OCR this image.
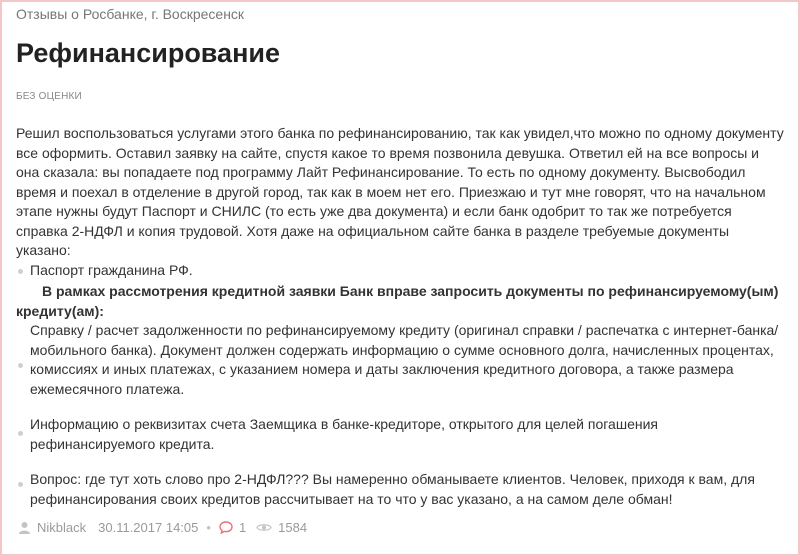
Отзывы о Росбанке, г. Воскресенск
Рефинансирование
БЕЗ ОЦЕНКИ

Решил воспользоваться услугами этого банка по рефинансированию, так как увидел,что можно по одному документу все оформить. Оставил заявку на сайте, спустя какое то время позвонила девушка. Ответил ей на все вопросы и она сказала: вы попадаете под программу Лайт Рефинансирование. То есть по одному документу. Высвободил время и поехал в отделение в другой город, так как в моем нет его. Приезжаю и тут мне говорят, что на начальном этапе нужны будут Паспорт и СНИЛС (то есть уже два документа) и если банк одобрит то так же потребуется справка 2-НДФЛ и копия трудовой. Хотя даже на официальном сайте банка в разделе требуемые документы указано:

Паспорт гражданина РФ.
В рамках рассмотрения кредитной заявки Банк вправе запросить документы по рефинансируемому(ым) кредиту(ам):
Справку / расчет задолженности по рефинансируемому кредиту (оригинал справки / распечатка с интернет-банка/мобильного банка). Документ должен содержать информацию о сумме основного долга, начисленных процентах, комиссиях и иных платежах, с указанием номера и даты заключения кредитного договора, а также размера ежемесячного платежа.
Информацию о реквизитах счета Заемщика в банке-кредиторе, открытого для целей погашения рефинансируемого кредита.
Вопрос: где тут хоть слово про 2-НДФЛ??? Вы намеренно обманываете клиентов. Человек, приходя к вам, для рефинансирования своих кредитов рассчитывает на то что у вас указано, а на самом деле обман!
Nikblack 30.11.2017 14:05 • 1 1584
